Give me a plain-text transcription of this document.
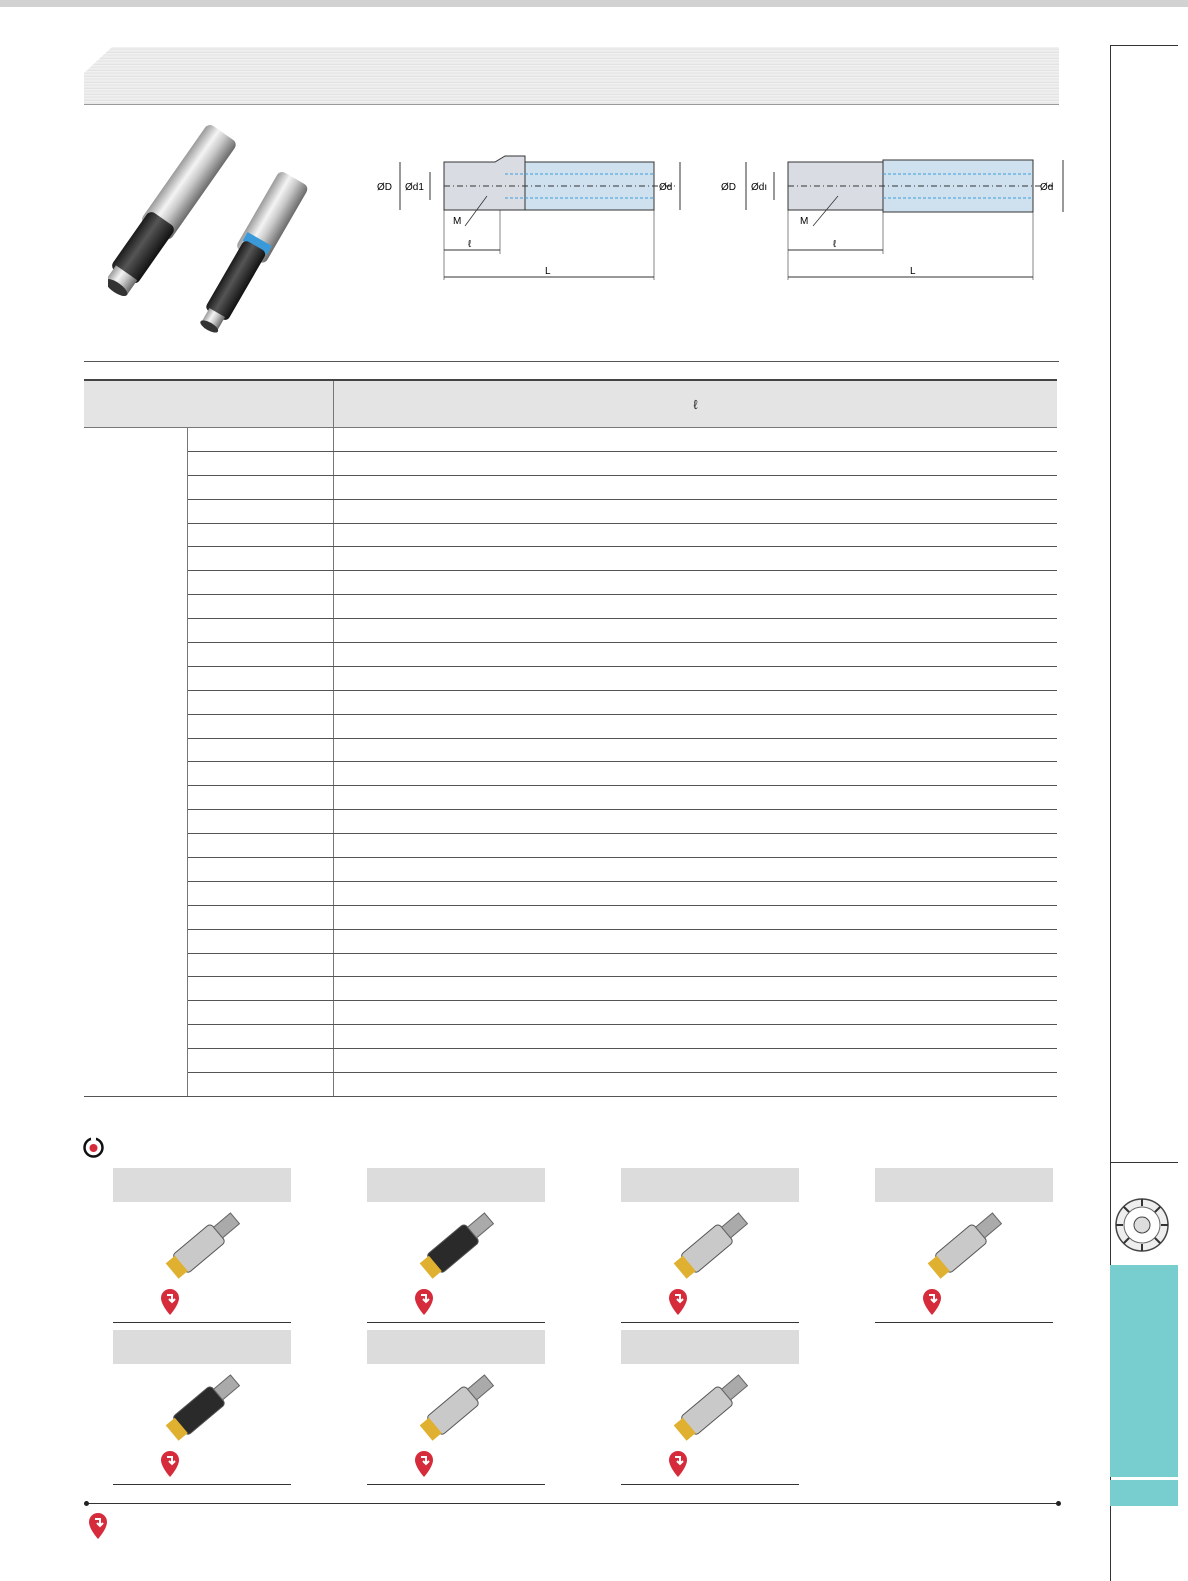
ØD Ød1	Ød
M
ℓ
L
ØD Ødı	Ød
M
ℓ
L
		ℓ
